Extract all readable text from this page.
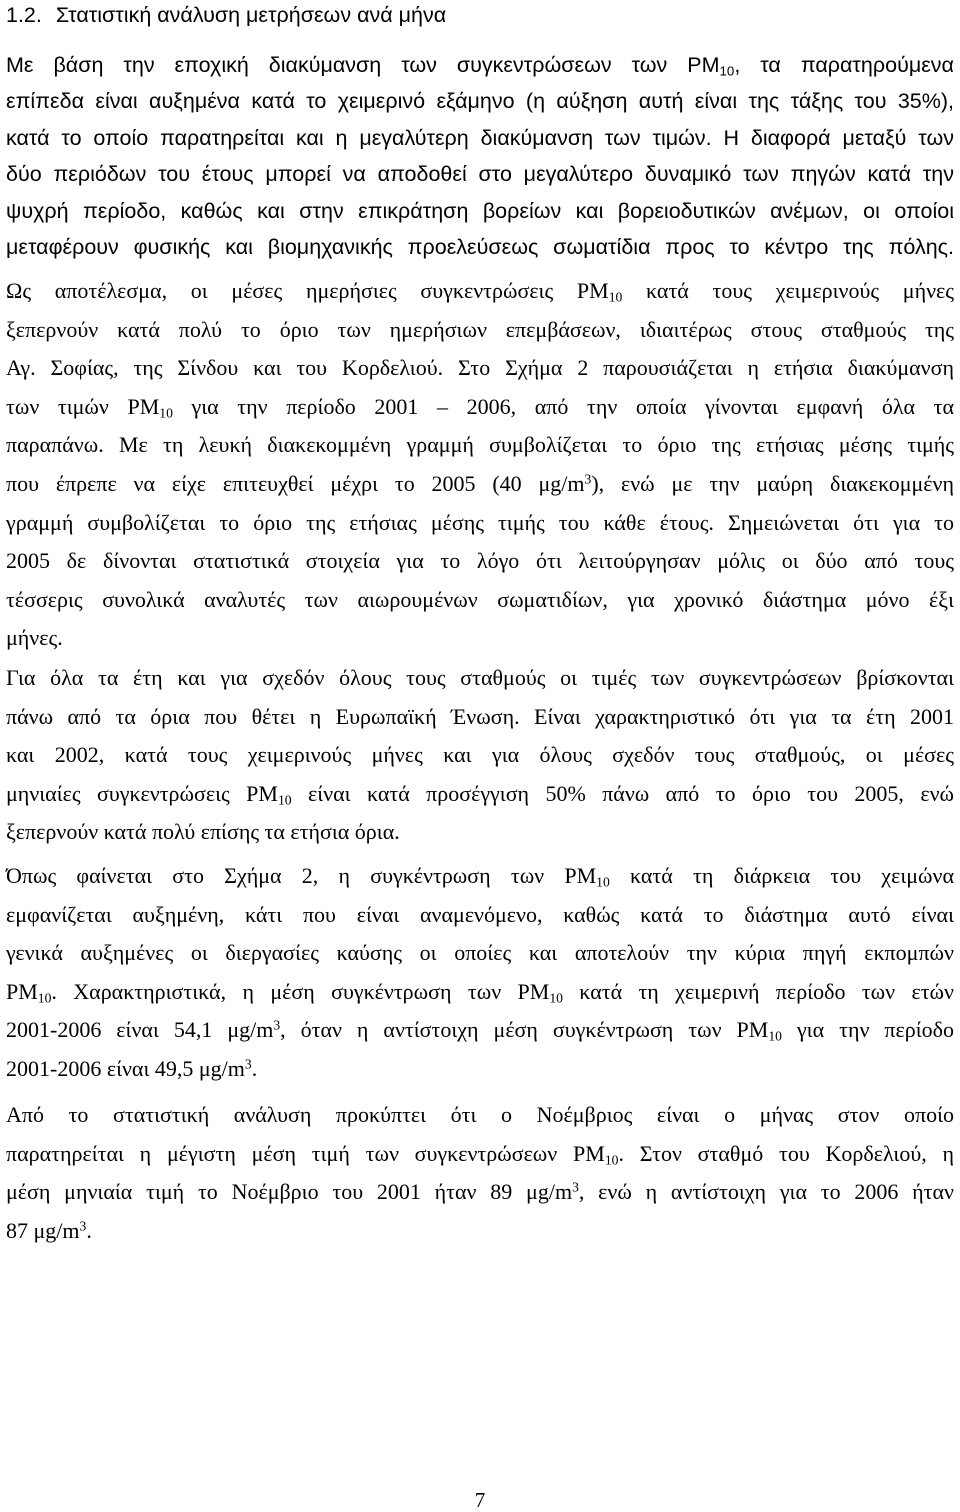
1.2. Στατιστική ανάλυση μετρήσεων ανά μήνα
Με βάση την εποχική διακύμανση των συγκεντρώσεων των $PM_{10}$, τα παρατηρούμενα
επίπεδα είναι αυξημένα κατά το χειμερινό εξάμηνο (η αύξηση αυτή είναι της τάξης του 35%),
κατά το οποίο παρατηρείται και η μεγαλύτερη διακύμανση των τιμών. Η διαφορά μεταξύ των
δύο περιόδων του έτους μπορεί να αποδοθεί στο μεγαλύτερο δυναμικό των πηγών κατά την
ψυχρή περίοδο, καθώς και στην επικράτηση βορείων και βορειοδυτικών ανέμων, οι οποίοι
μεταφέρουν φυσικής και βιομηχανικής προελεύσεως σωματίδια προς το κέντρο της πόλης.
Ως αποτέλεσμα, οι μέσες ημερήσιες συγκεντρώσεις $PM_{10}$ κατά τους χειμερινούς μήνες
ξεπερνούν κατά πολύ το όριο των ημερήσιων επεμβάσεων, ιδιαιτέρως στους σταθμούς της
Αγ. Σοφίας, της Σίνδου και του Κορδελιού. Στο Σχήμα 2 παρουσιάζεται η ετήσια διακύμανση
των τιμών $PM_{10}$ για την περίοδο 2001 – 2006, από την οποία γίνονται εμφανή όλα τα
παραπάνω. Με τη λευκή διακεκομμένη γραμμή συμβολίζεται το όριο της ετήσιας μέσης τιμής
που έπρεπε να είχε επιτευχθεί μέχρι το 2005 (40 $\mu g/m^3$), ενώ με την μαύρη διακεκομμένη
γραμμή συμβολίζεται το όριο της ετήσιας μέσης τιμής του κάθε έτους. Σημειώνεται ότι για το
2005 δε δίνονται στατιστικά στοιχεία για το λόγο ότι λειτούργησαν μόλις οι δύο από τους
τέσσερις συνολικά αναλυτές των αιωρουμένων σωματιδίων, για χρονικό διάστημα μόνο έξι
μήνες.
Για όλα τα έτη και για σχεδόν όλους τους σταθμούς οι τιμές των συγκεντρώσεων βρίσκονται
πάνω από τα όρια που θέτει η Ευρωπαϊκή Ένωση. Είναι χαρακτηριστικό ότι για τα έτη 2001
και 2002, κατά τους χειμερινούς μήνες και για όλους σχεδόν τους σταθμούς, οι μέσες
μηνιαίες συγκεντρώσεις $PM_{10}$ είναι κατά προσέγγιση 50% πάνω από το όριο του 2005, ενώ
ξεπερνούν κατά πολύ επίσης τα ετήσια όρια.
Όπως φαίνεται στο Σχήμα 2, η συγκέντρωση των $PM_{10}$ κατά τη διάρκεια του χειμώνα
εμφανίζεται αυξημένη, κάτι που είναι αναμενόμενο, καθώς κατά το διάστημα αυτό είναι
γενικά αυξημένες οι διεργασίες καύσης οι οποίες και αποτελούν την κύρια πηγή εκπομπών
$PM_{10}$. Χαρακτηριστικά, η μέση συγκέντρωση των $PM_{10}$ κατά τη χειμερινή περίοδο των ετών
2001-2006 είναι 54,1 $\mu g/m^3$, όταν η αντίστοιχη μέση συγκέντρωση των $PM_{10}$ για την περίοδο
2001-2006 είναι 49,5 $\mu g/m^3$.
Από το στατιστική ανάλυση προκύπτει ότι ο Νοέμβριος είναι ο μήνας στον οποίο
παρατηρείται η μέγιστη μέση τιμή των συγκεντρώσεων $PM_{10}$. Στον σταθμό του Κορδελιού, η
μέση μηνιαία τιμή το Νοέμβριο του 2001 ήταν 89 $\mu g/m^3$, ενώ η αντίστοιχη για το 2006 ήταν
87 $\mu g/m^3$.
7
